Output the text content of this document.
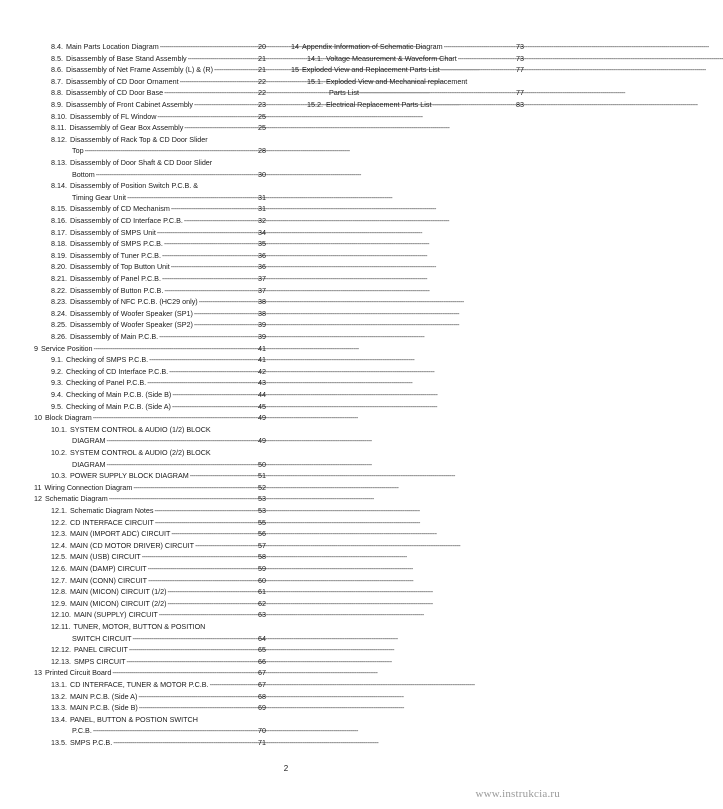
8.4. Main Parts Location Diagram -----	20
8.5. Disassembly of Base Stand Assembly -----	21
8.6. Disassembly of Net Frame Assembly (L) & (R) -----	21
8.7. Disassembly of CD Door Ornament -----	22
8.8. Disassembly of CD Door Base -----	22
8.9. Disassembly of Front Cabinet Assembly -----	23
8.10. Disassembly of FL Window -----	25
8.11. Disassembly of Gear Box Assembly -----	25
8.12. Disassembly of Rack Top & CD Door Slider
Top -----	28
8.13. Disassembly of Door Shaft & CD Door Slider
Bottom -----	30
8.14. Disassembly of Position Switch P.C.B. &
Timing Gear Unit -----	31
8.15. Disassembly of CD Mechanism -----	31
8.16. Disassembly of CD Interface P.C.B. -----	32
8.17. Disassembly of SMPS Unit -----	34
8.18. Disassembly of SMPS P.C.B. -----	35
8.19. Disassembly of Tuner P.C.B. -----	36
8.20. Disassembly of Top Button Unit -----	36
8.21. Disassembly of Panel P.C.B. -----	37
8.22. Disassembly of Button P.C.B. -----	37
8.23. Disassembly of NFC P.C.B. (HC29 only) -----	38
8.24. Disassembly of Woofer Speaker (SP1) -----	38
8.25. Disassembly of Woofer Speaker (SP2) -----	39
8.26. Disassembly of Main P.C.B. -----	39
9 Service Position -----	41
9.1. Checking of SMPS P.C.B. -----	41
9.2. Checking of CD Interface P.C.B. -----	42
9.3. Checking of Panel P.C.B. -----	43
9.4. Checking of Main P.C.B. (Side B) -----	44
9.5. Checking of Main P.C.B. (Side A) -----	45
10 Block Diagram -----	49
10.1. SYSTEM CONTROL & AUDIO (1/2) BLOCK
DIAGRAM -----	49
10.2. SYSTEM CONTROL & AUDIO (2/2) BLOCK
DIAGRAM -----	50
10.3. POWER SUPPLY BLOCK DIAGRAM -----	51
11 Wiring Connection Diagram -----	52
12 Schematic Diagram -----	53
12.1. Schematic Diagram Notes -----	53
12.2. CD INTERFACE CIRCUIT -----	55
12.3. MAIN (IMPORT ADC) CIRCUIT -----	56
12.4. MAIN (CD MOTOR DRIVER) CIRCUIT -----	57
12.5. MAIN (USB) CIRCUIT -----	58
12.6. MAIN (DAMP) CIRCUIT -----	59
12.7. MAIN (CONN) CIRCUIT -----	60
12.8. MAIN (MICON) CIRCUIT (1/2) -----	61
12.9. MAIN (MICON) CIRCUIT (2/2) -----	62
12.10. MAIN (SUPPLY) CIRCUIT -----	63
12.11. TUNER, MOTOR, BUTTON & POSITION
SWITCH CIRCUIT -----	64
12.12. PANEL CIRCUIT -----	65
12.13. SMPS CIRCUIT -----	66
13 Printed Circuit Board -----	67
13.1. CD INTERFACE, TUNER & MOTOR P.C.B. -----	67
13.2. MAIN P.C.B. (Side A) -----	68
13.3. MAIN P.C.B. (Side B) -----	69
13.4. PANEL, BUTTON & POSTION SWITCH
P.C.B. -----	70
13.5. SMPS P.C.B. -----	71
14 Appendix Information of Schematic Diagram -----	73
14.1. Voltage Measurement & Waveform Chart -----	73
15 Exploded View and Replacement Parts List -----	77
15.1. Exploded View and Mechanical replacement
Parts List -----	77
15.2. Electrical Replacement Parts List -----	83
2
www.instrukcia.ru
